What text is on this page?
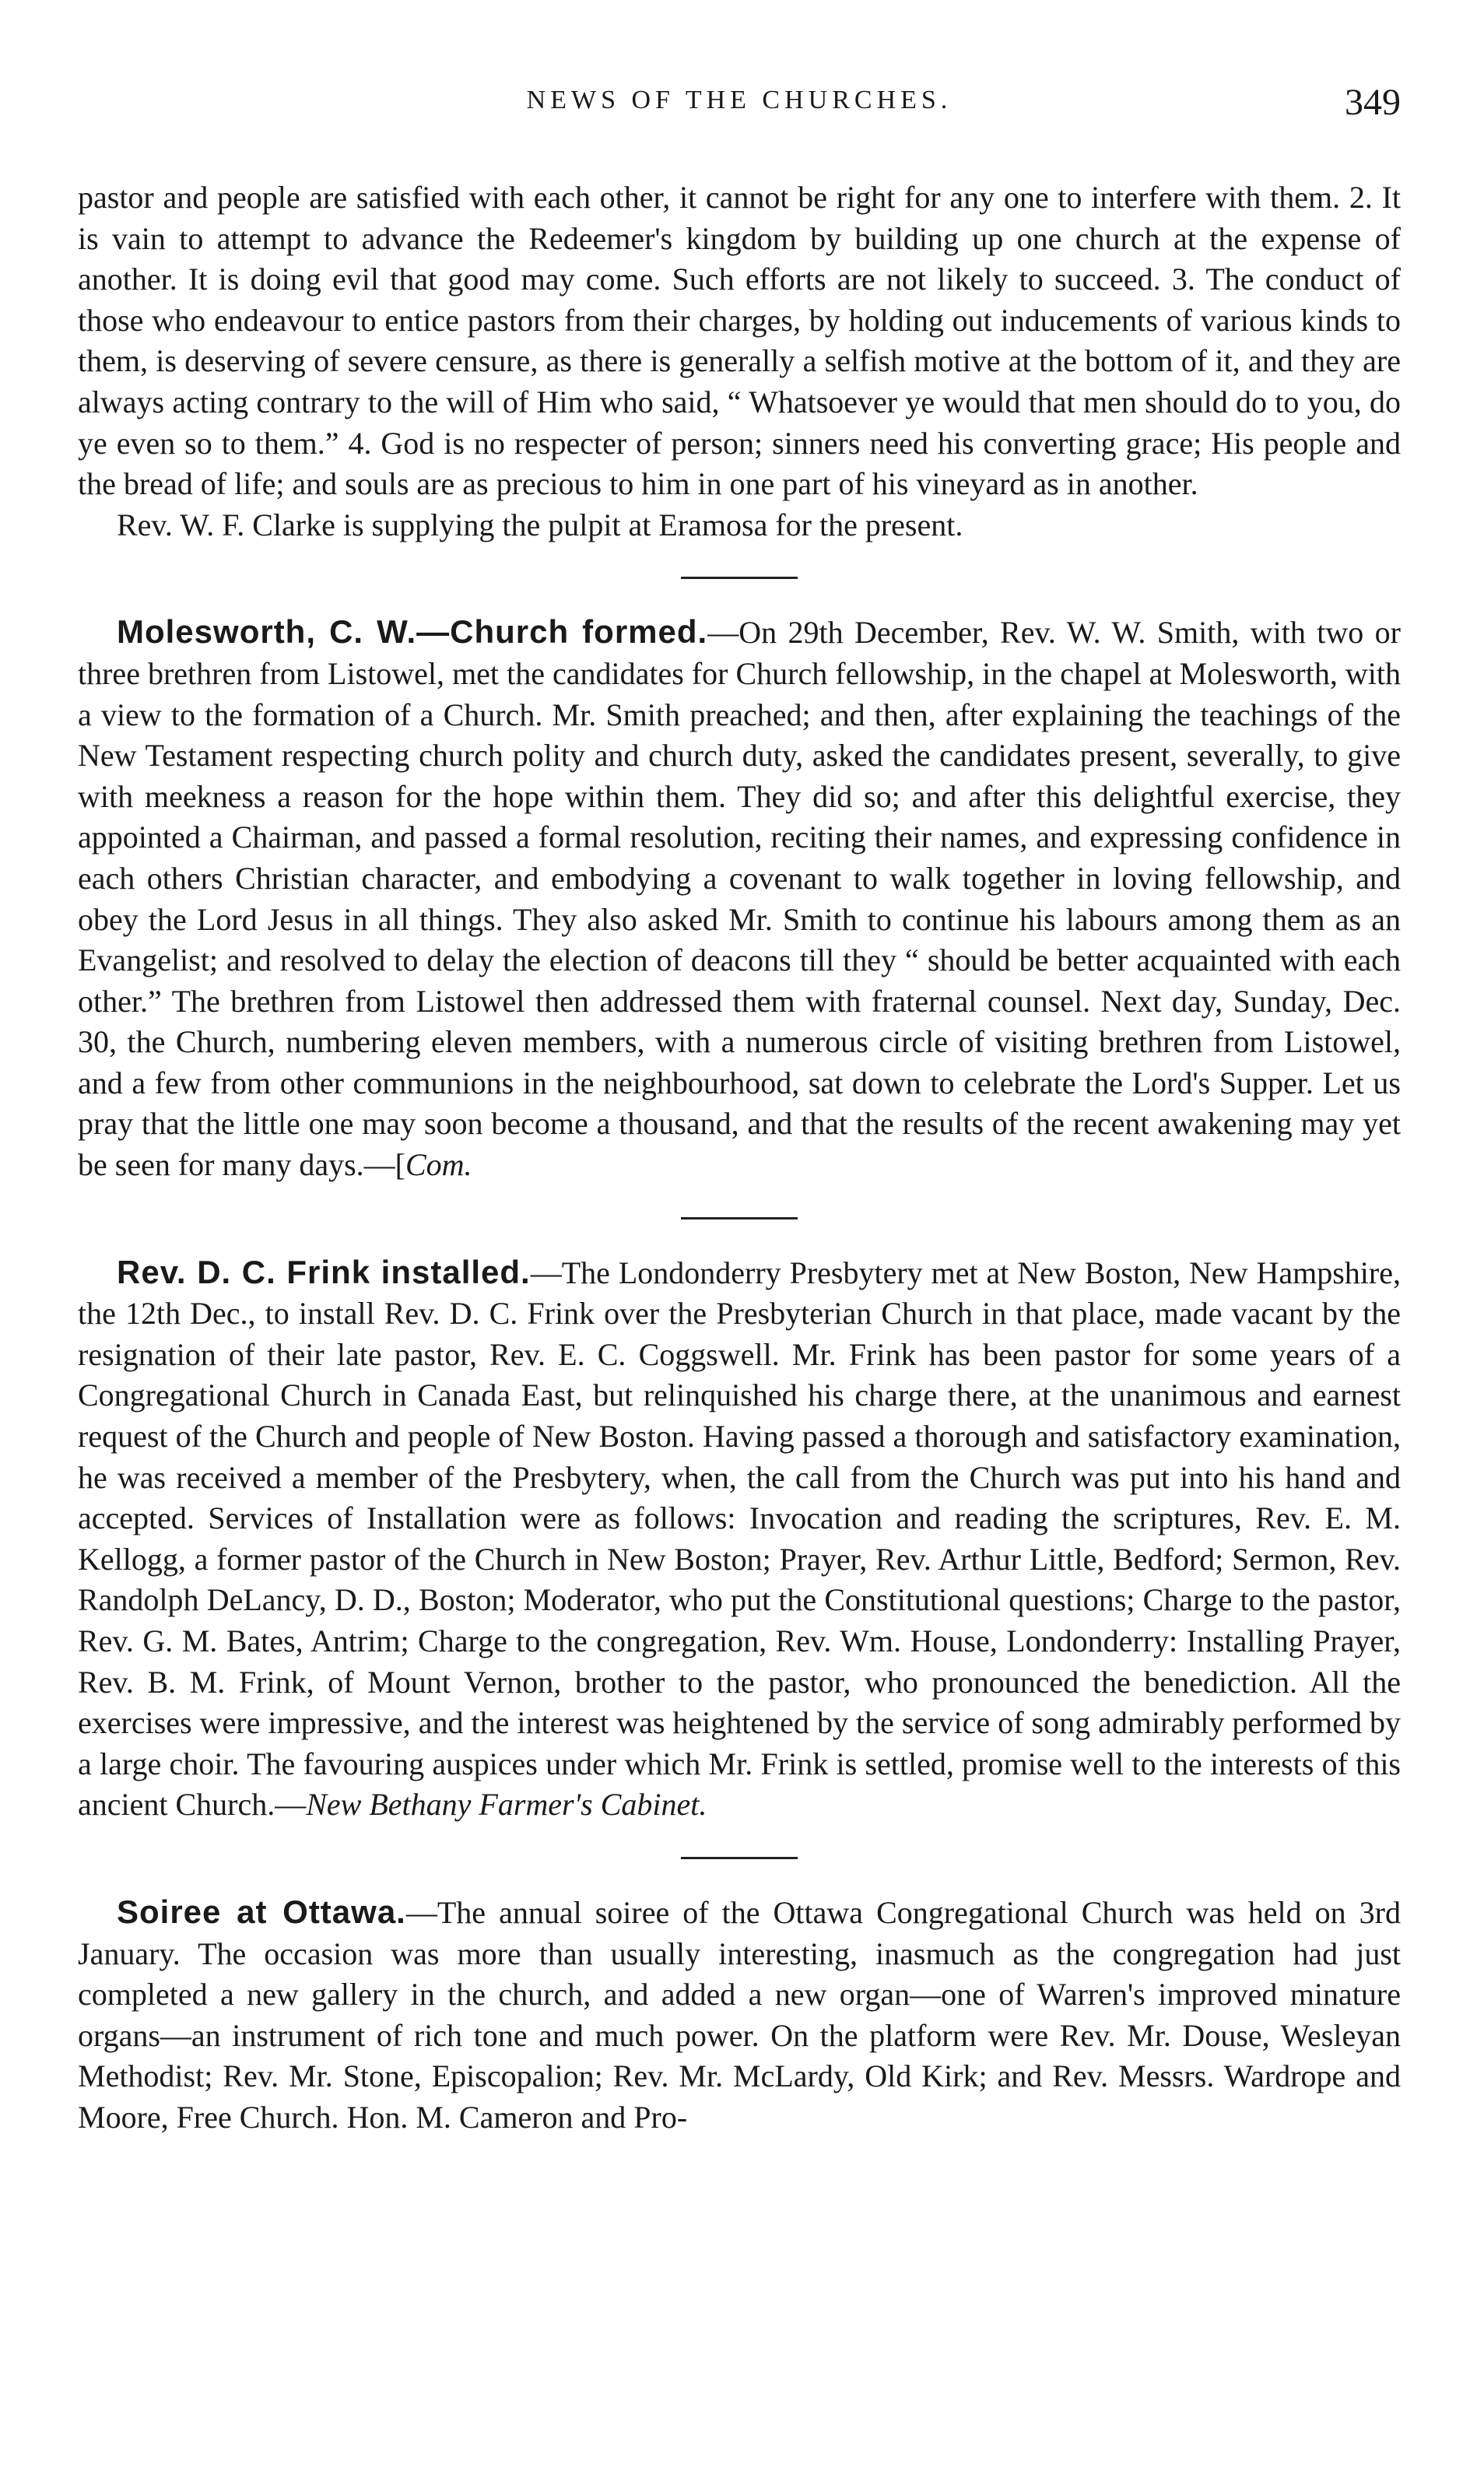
NEWS OF THE CHURCHES.	349

pastor and people are satisfied with each other, it cannot be right for any one to interfere with them. 2. It is vain to attempt to advance the Redeemer's kingdom by building up one church at the expense of another. It is doing evil that good may come. Such efforts are not likely to succeed. 3. The conduct of those who endeavour to entice pastors from their charges, by holding out inducements of various kinds to them, is deserving of severe censure, as there is generally a selfish motive at the bottom of it, and they are always acting contrary to the will of Him who said, “ Whatsoever ye would that men should do to you, do ye even so to them.” 4. God is no respecter of person; sinners need his converting grace; His people and the bread of life; and souls are as precious to him in one part of his vineyard as in another.

Rev. W. F. Clarke is supplying the pulpit at Eramosa for the present.

Molesworth, C. W.—Church formed.—On 29th December, Rev. W. W. Smith, with two or three brethren from Listowel, met the candidates for Church fellowship, in the chapel at Molesworth, with a view to the formation of a Church. Mr. Smith preached; and then, after explaining the teachings of the New Testament respecting church polity and church duty, asked the candidates present, severally, to give with meekness a reason for the hope within them. They did so; and after this delightful exercise, they appointed a Chairman, and passed a formal resolution, reciting their names, and expressing confidence in each others Christian character, and embodying a covenant to walk together in loving fellowship, and obey the Lord Jesus in all things. They also asked Mr. Smith to continue his labours among them as an Evangelist; and resolved to delay the election of deacons till they “ should be better acquainted with each other.” The brethren from Listowel then addressed them with fraternal counsel. Next day, Sunday, Dec. 30, the Church, numbering eleven members, with a numerous circle of visiting brethren from Listowel, and a few from other communions in the neighbourhood, sat down to celebrate the Lord's Supper. Let us pray that the little one may soon become a thousand, and that the results of the recent awakening may yet be seen for many days.—[Com.

Rev. D. C. Frink installed.—The Londonderry Presbytery met at New Boston, New Hampshire, the 12th Dec., to install Rev. D. C. Frink over the Presbyterian Church in that place, made vacant by the resignation of their late pastor, Rev. E. C. Coggswell. Mr. Frink has been pastor for some years of a Congregational Church in Canada East, but relinquished his charge there, at the unanimous and earnest request of the Church and people of New Boston. Having passed a thorough and satisfactory examination, he was received a member of the Presbytery, when, the call from the Church was put into his hand and accepted. Services of Installation were as follows: Invocation and reading the scriptures, Rev. E. M. Kellogg, a former pastor of the Church in New Boston; Prayer, Rev. Arthur Little, Bedford; Sermon, Rev. Randolph DeLancy, D. D., Boston; Moderator, who put the Constitutional questions; Charge to the pastor, Rev. G. M. Bates, Antrim; Charge to the congregation, Rev. Wm. House, Londonderry: Installing Prayer, Rev. B. M. Frink, of Mount Vernon, brother to the pastor, who pronounced the benediction. All the exercises were impressive, and the interest was heightened by the service of song admirably performed by a large choir. The favouring auspices under which Mr. Frink is settled, promise well to the interests of this ancient Church.—New Bethany Farmer's Cabinet.

Soiree at Ottawa.—The annual soiree of the Ottawa Congregational Church was held on 3rd January. The occasion was more than usually interesting, inasmuch as the congregation had just completed a new gallery in the church, and added a new organ—one of Warren's improved minature organs—an instrument of rich tone and much power. On the platform were Rev. Mr. Douse, Wesleyan Methodist; Rev. Mr. Stone, Episcopalion; Rev. Mr. McLardy, Old Kirk; and Rev. Messrs. Wardrope and Moore, Free Church. Hon. M. Cameron and Pro-
